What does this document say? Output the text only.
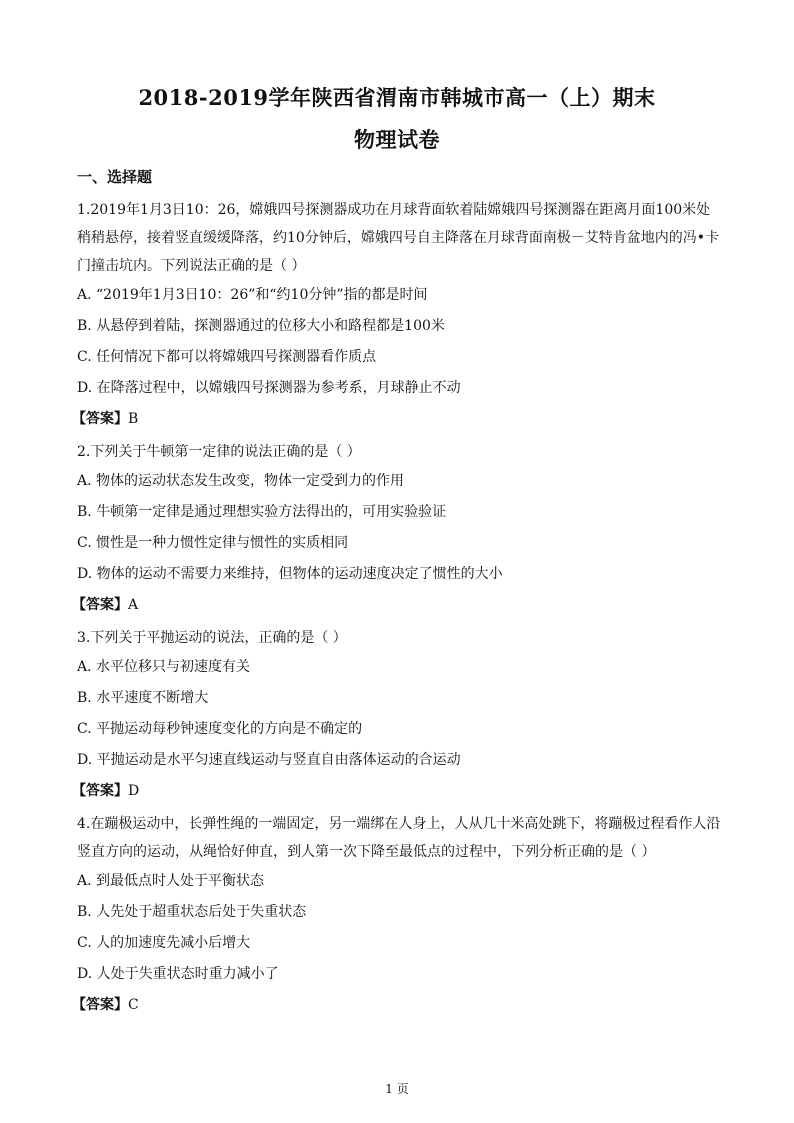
2018-2019学年陕西省渭南市韩城市高一（上）期末
物理试卷
一、选择题

1.2019年1月3日10：26，嫦娥四号探测器成功在月球背面软着陆嫦娥四号探测器在距离月面100米处稍稍悬停，接着竖直缓缓降落，约10分钟后，嫦娥四号自主降落在月球背面南极－艾特肯盆地内的冯•卡门撞击坑内。下列说法正确的是（ ）

A. “2019年1月3日10：26”和“约10分钟”指的都是时间

B. 从悬停到着陆，探测器通过的位移大小和路程都是100米

C. 任何情况下都可以将嫦娥四号探测器看作质点

D. 在降落过程中，以嫦娥四号探测器为参考系，月球静止不动

【答案】B

2.下列关于牛顿第一定律的说法正确的是（ ）

A. 物体的运动状态发生改变，物体一定受到力的作用

B. 牛顿第一定律是通过理想实验方法得出的，可用实验验证

C. 惯性是一种力惯性定律与惯性的实质相同

D. 物体的运动不需要力来维持，但物体的运动速度决定了惯性的大小

【答案】A

3.下列关于平抛运动的说法，正确的是（ ）

A. 水平位移只与初速度有关

B. 水平速度不断增大

C. 平抛运动每秒钟速度变化的方向是不确定的

D. 平抛运动是水平匀速直线运动与竖直自由落体运动的合运动

【答案】D

4.在蹦极运动中，长弹性绳的一端固定，另一端绑在人身上，人从几十米高处跳下，将蹦极过程看作人沿竖直方向的运动，从绳恰好伸直，到人第一次下降至最低点的过程中，下列分析正确的是（ ）

A. 到最低点时人处于平衡状态

B. 人先处于超重状态后处于失重状态

C. 人的加速度先减小后增大

D. 人处于失重状态时重力减小了

【答案】C

1 页
